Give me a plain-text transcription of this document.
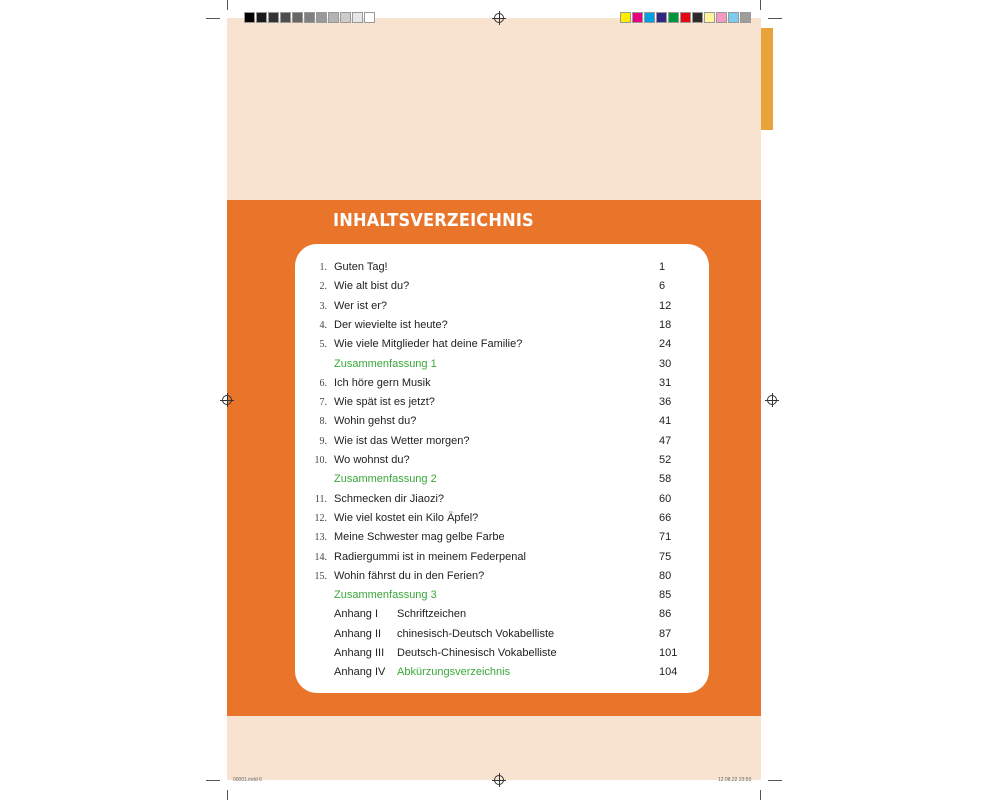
INHALTSVERZEICHNIS
1. Guten Tag!	1
2. Wie alt bist du?	6
3. Wer ist er?	12
4. Der wievielte ist heute?	18
5. Wie viele Mitglieder hat deine Familie?	24
Zusammenfassung 1	30
6. Ich höre gern Musik	31
7. Wie spät ist es jetzt?	36
8. Wohin gehst du?	41
9. Wie ist das Wetter morgen?	47
10. Wo wohnst du?	52
Zusammenfassung 2	58
11. Schmecken dir Jiaozi?	60
12. Wie viel kostet ein Kilo Äpfel?	66
13. Meine Schwester mag gelbe Farbe	71
14. Radiergummi ist in meinem Federpenal	75
15. Wohin fährst du in den Ferien?	80
Zusammenfassung 3	85
Anhang I Schriftzeichen	86
Anhang II chinesisch-Deutsch Vokabelliste	87
Anhang III Deutsch-Chinesisch Vokabelliste	101
Anhang IV Abkürzungsverzeichnis	104
00001.indd 6	12.08.22 23:50
